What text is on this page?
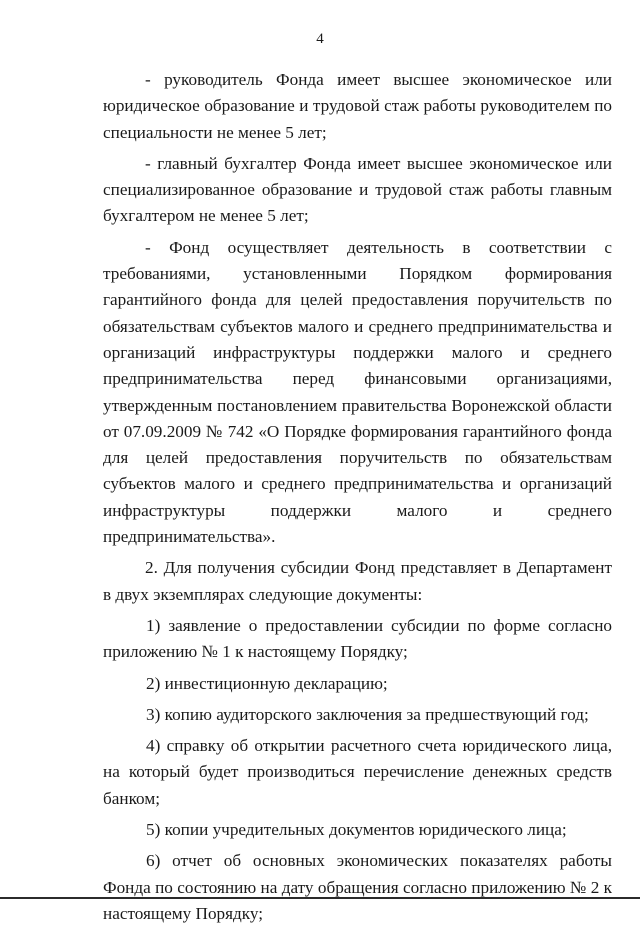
4

- руководитель Фонда имеет высшее экономическое или юридическое образование и трудовой стаж работы руководителем по специальности не менее 5 лет;

- главный бухгалтер Фонда имеет высшее экономическое или специализированное образование и трудовой стаж работы главным бухгалтером не менее 5 лет;

- Фонд осуществляет деятельность в соответствии с требованиями, установленными Порядком формирования гарантийного фонда для целей предоставления поручительств по обязательствам субъектов малого и среднего предпринимательства и организаций инфраструктуры поддержки малого и среднего предпринимательства перед финансовыми организациями, утвержденным постановлением правительства Воронежской области от 07.09.2009 № 742 «О Порядке формирования гарантийного фонда для целей предоставления поручительств по обязательствам субъектов малого и среднего предпринимательства и организаций инфраструктуры поддержки малого и среднего предпринимательства».

2. Для получения субсидии Фонд представляет в Департамент в двух экземплярах следующие документы:

1) заявление о предоставлении субсидии по форме согласно приложению № 1 к настоящему Порядку;

2) инвестиционную декларацию;

3) копию аудиторского заключения за предшествующий год;

4) справку об открытии расчетного счета юридического лица, на который будет производиться перечисление денежных средств банком;

5) копии учредительных документов юридического лица;

6) отчет об основных экономических показателях работы Фонда по состоянию на дату обращения согласно приложению № 2 к настоящему Порядку;
